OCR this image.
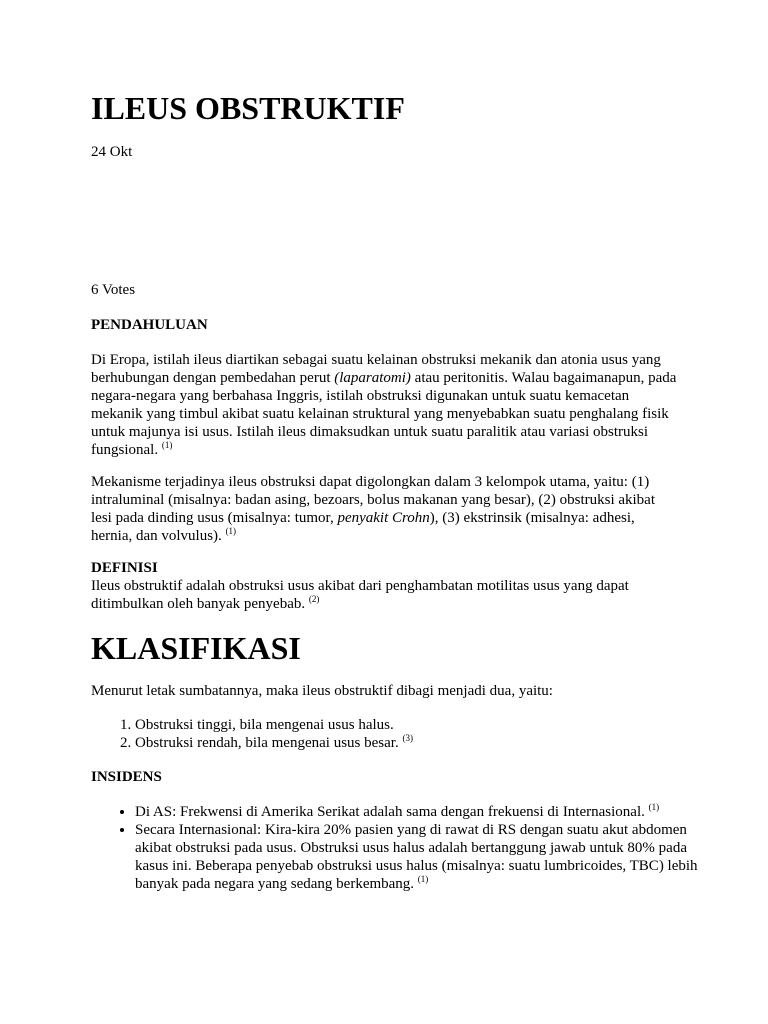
ILEUS OBSTRUKTIF
24 Okt
6 Votes
PENDAHULUAN

Di Eropa, istilah ileus diartikan sebagai suatu kelainan obstruksi mekanik dan atonia usus yang berhubungan dengan pembedahan perut (laparatomi) atau peritonitis. Walau bagaimanapun, pada negara-negara yang berbahasa Inggris, istilah obstruksi digunakan untuk suatu kemacetan mekanik yang timbul akibat suatu kelainan struktural yang menyebabkan suatu penghalang fisik untuk majunya isi usus. Istilah ileus dimaksudkan untuk suatu paralitik atau variasi obstruksi fungsional. $^{(1)}$

Mekanisme terjadinya ileus obstruksi dapat digolongkan dalam 3 kelompok utama, yaitu: (1) intraluminal (misalnya: badan asing, bezoars, bolus makanan yang besar), (2) obstruksi akibat lesi pada dinding usus (misalnya: tumor, penyakit Crohn), (3) ekstrinsik (misalnya: adhesi, hernia, dan volvulus). $^{(1)}$

DEFINISI
Ileus obstruktif adalah obstruksi usus akibat dari penghambatan motilitas usus yang dapat ditimbulkan oleh banyak penyebab. $^{(2)}$
KLASIFIKASI
Menurut letak sumbatannya, maka ileus obstruktif dibagi menjadi dua, yaitu:
1. Obstruksi tinggi, bila mengenai usus halus.
2. Obstruksi rendah, bila mengenai usus besar. $^{(3)}$
INSIDENS
• Di AS: Frekwensi di Amerika Serikat adalah sama dengan frekuensi di Internasional. $^{(1)}$
• Secara Internasional: Kira-kira 20% pasien yang di rawat di RS dengan suatu akut abdomen akibat obstruksi pada usus. Obstruksi usus halus adalah bertanggung jawab untuk 80% pada kasus ini. Beberapa penyebab obstruksi usus halus (misalnya: suatu lumbricoides, TBC) lebih banyak pada negara yang sedang berkembang. $^{(1)}$
